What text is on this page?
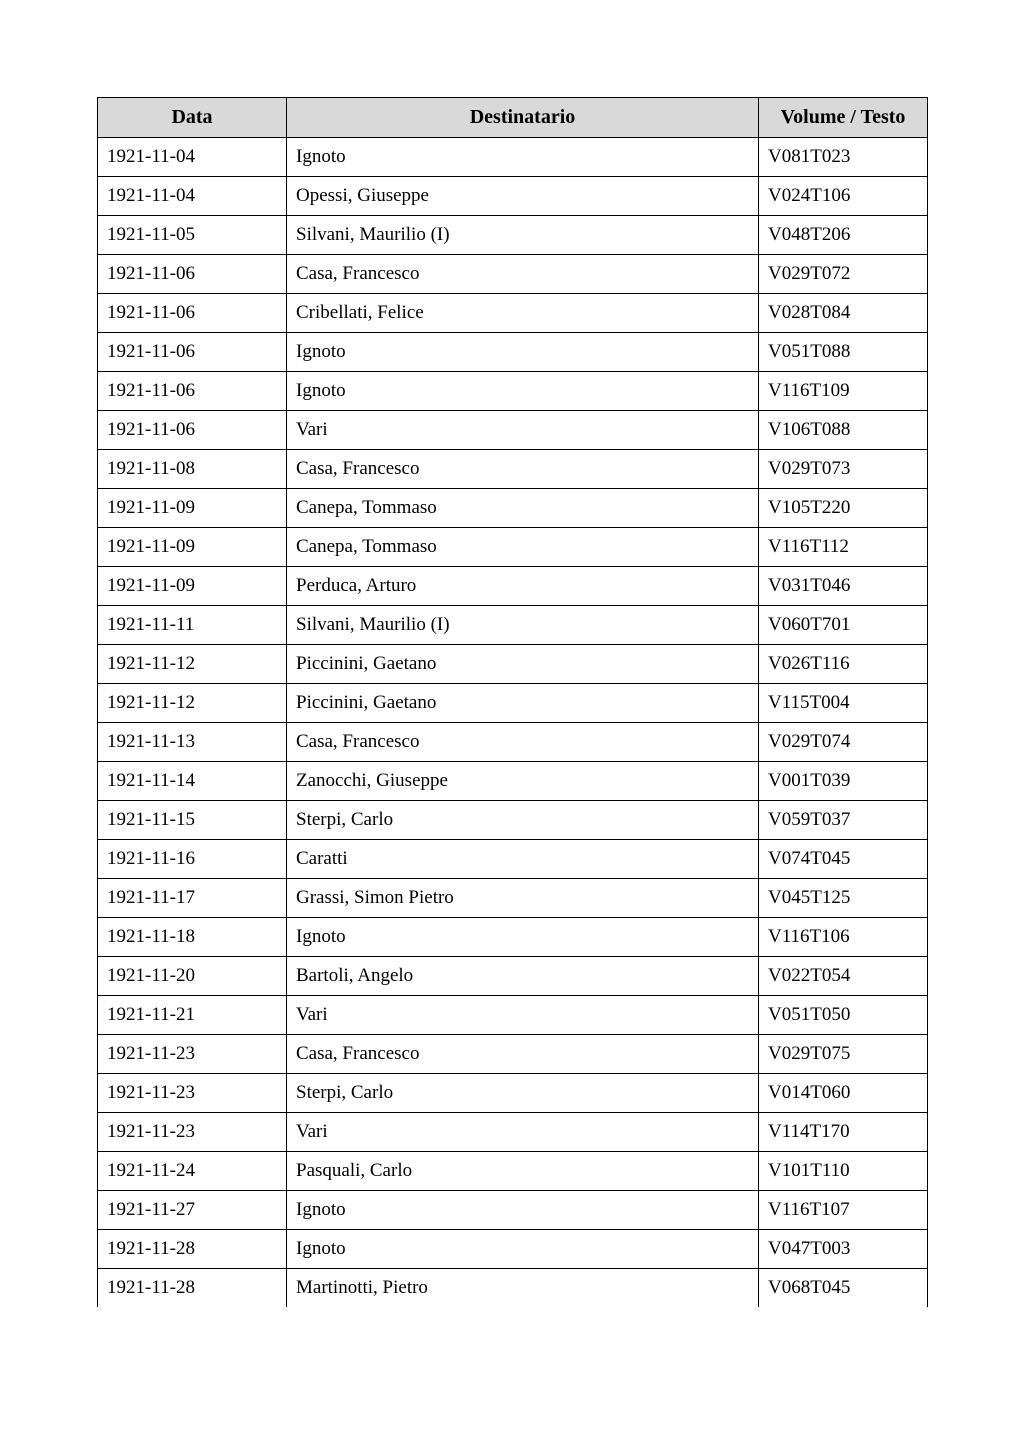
Data	Destinatario	Volume / Testo
1921-11-04	Ignoto	V081T023
1921-11-04	Opessi, Giuseppe	V024T106
1921-11-05	Silvani, Maurilio (I)	V048T206
1921-11-06	Casa, Francesco	V029T072
1921-11-06	Cribellati, Felice	V028T084
1921-11-06	Ignoto	V051T088
1921-11-06	Ignoto	V116T109
1921-11-06	Vari	V106T088
1921-11-08	Casa, Francesco	V029T073
1921-11-09	Canepa, Tommaso	V105T220
1921-11-09	Canepa, Tommaso	V116T112
1921-11-09	Perduca, Arturo	V031T046
1921-11-11	Silvani, Maurilio (I)	V060T701
1921-11-12	Piccinini, Gaetano	V026T116
1921-11-12	Piccinini, Gaetano	V115T004
1921-11-13	Casa, Francesco	V029T074
1921-11-14	Zanocchi, Giuseppe	V001T039
1921-11-15	Sterpi, Carlo	V059T037
1921-11-16	Caratti	V074T045
1921-11-17	Grassi, Simon Pietro	V045T125
1921-11-18	Ignoto	V116T106
1921-11-20	Bartoli, Angelo	V022T054
1921-11-21	Vari	V051T050
1921-11-23	Casa, Francesco	V029T075
1921-11-23	Sterpi, Carlo	V014T060
1921-11-23	Vari	V114T170
1921-11-24	Pasquali, Carlo	V101T110
1921-11-27	Ignoto	V116T107
1921-11-28	Ignoto	V047T003
1921-11-28	Martinotti, Pietro	V068T045
